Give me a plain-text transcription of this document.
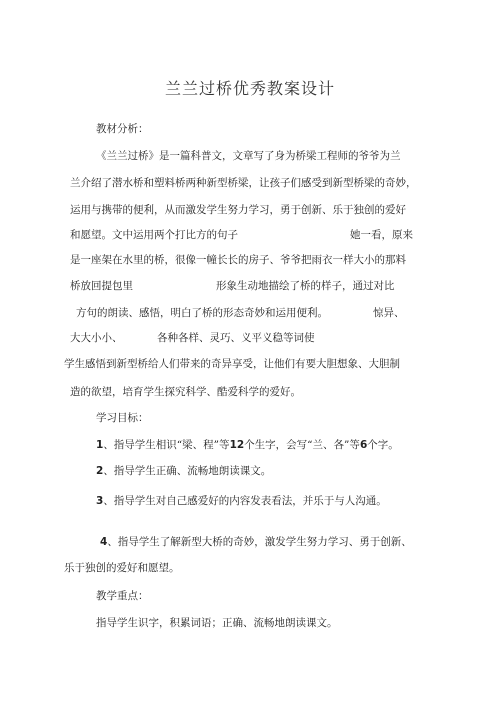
兰兰过桥优秀教案设计
教材分析：
《兰兰过桥》是一篇科普文，文章写了身为桥梁工程师的爷爷为兰
兰介绍了潜水桥和塑料桥两种新型桥梁，让孩子们感受到新型桥梁的奇妙，
运用与携带的便利，从而激发学生努力学习，勇于创新、乐于独创的爱好
和愿望。文中运用两个打比方的句子	她一看，原来
是一座架在水里的桥，很像一幢长长的房子、爷爷把雨衣一样大小的那料
桥放回提包里	形象生动地描绘了桥的样子，通过对比
方句的朗读、感悟，明白了桥的形态奇妙和运用便利。	惊异、
大大小小、	各种各样、灵巧、义平义稳等词使
学生感悟到新型桥给人们带来的奇异享受，让他们有要大胆想象、大胆制
造的欲望，培育学生探究科学、酷爱科学的爱好。
学习目标：
1、指导学生相识“梁、程”等12个生字，会写“兰、各”等6个字。
2、指导学生正确、流畅地朗读课文。
3、指导学生对自己感爱好的内容发表看法，并乐于与人沟通。
4、指导学生了解新型大桥的奇妙，激发学生努力学习、勇于创新、
乐于独创的爱好和愿望。
教学重点：
指导学生识字，积累词语；正确、流畅地朗读课文。
